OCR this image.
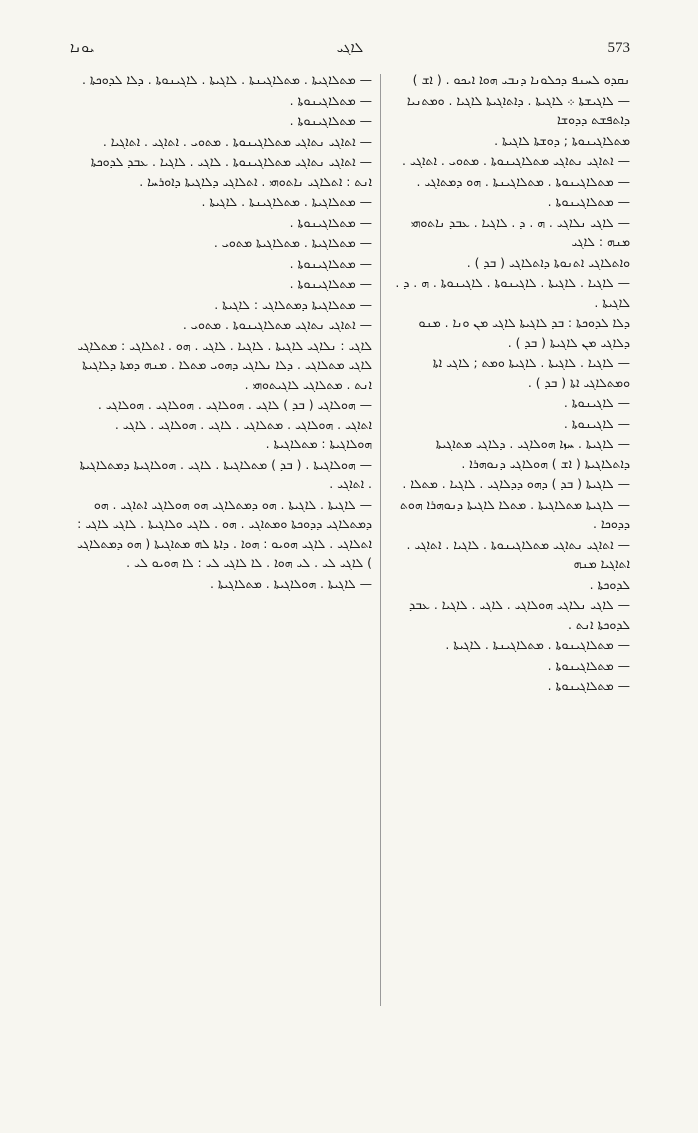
ܝܘܢܐ	ܠܐܓܝ	573
ܢܩܕܘ ܠܚܢܦ ܕܟܠܘܢܐ ܕܢܒܝ ܗܘܐ ܐܝܟܘ . ( ܐܫ )
— ܠܐܓܝܫܬܐ ܀ ܠܐܓܝܬܐ . ܕܐܬܐܓܝܬܐ ܠܐܓܝܐ . ܘܡܬܢܝܐ ܕܐܬܦܫܬ ܕܕܘܫܐ
ܡܬܠܐܓܝܢܘܬܐ ; ܕܘܫܬܐ ܠܐܓܝܬܐ .
— ܐܬܐܓܝ ܢܬܐܓܝ ܡܬܠܐܓܝܢܘܬܐ . ܡܬܘܝ . ܐܬܐܓܝ .
— ܡܬܠܐܓܝܢܘܬܐ . ܡܬܠܐܓܝܢܬܐ . ܗܘ ܕܡܬܐܓܝ .
— ܡܬܠܐܓܝܢܘܬܐ .
— ܠܐܓܝ ܢܠܐܓܝ . ܗ . ܕ . ܠܐܓܝܐ . ܥܒܕ ܢܐܬܘܗܝ ܡܢܗ : ܠܐܓܝ
ܘܐܬܠܐܓܝ ܐܬܢܘܬܐ ܕܐܬܠܐܓܝ ( ܒܕ ) .
— ܠܐܓܝܐ . ܠܐܓܝܬܐ . ܠܐܓܝܢܘܬܐ . ܠܐܓܝܢܘܬܐ . ܗ . ܕ . ܠܐܓܝܬܐ .
ܕܠܐ ܠܕܘܟܬܐ : ܒܕ ܠܐܓܝܬܐ ܠܐܓܝ ܡܢ ܘܢܐ . ܡܢܘ ܕܠܐܓܝ ܡܢ ܠܐܓܝܬܐ ( ܒܕ ) .
— ܠܐܓܝܐ . ܠܐܓܝܬܐ . ܠܐܓܝܬܐ ܘܡܬ ; ܠܐܓܝ ܐܬܐ ܘܡܬܠܐܓܝ ܐܬܐ ( ܒܕ ) .
— ܠܐܓܝܢܘܬܐ .
— ܠܐܓܝܢܘܬܐ .
— ܠܐܓܝܬܐ . ܚܙܐ ܗܘܠܐܓܝ . ܕܠܐܓܝ ܡܬܐܓܝܬܐ ܕܐܬܠܐܓܝܬܐ ( ܐܫ ) ܗܘܠܐܓܝ ܕܢܘܗܪܐ .
— ܠܐܓܝܬܐ ( ܒܕ ) ܕܗܘ ܕܕܠܐܓܝ . ܠܐܓܝܐ . ܡܬܠܐ .
— ܠܐܓܝܬܐ ܡܬܠܐܓܝܬܐ . ܡܬܠܐ ܠܐܓܝܬܐ ܕܢܘܗܪܐ ܗܘܬ ܕܕܘܟܐ .
— ܐܬܐܓܝ ܢܬܐܓܝ ܡܬܠܐܓܝܢܘܬܐ . ܠܐܓܝܐ . ܐܬܐܓܝ . ܐܬܐܓܝܐ ܡܢܗ
ܠܕܘܟܬܐ .
— ܠܐܓܝ ܢܠܐܓܝ ܗܘܠܐܓܝ . ܠܐܓܝ . ܠܐܓܝܐ . ܥܒܕ ܠܕܘܟܬܐ ܐܢܬ .
— ܡܬܠܐܓܝܢܘܬܐ . ܡܬܠܐܓܝܢܬܐ . ܠܐܓܝܬܐ .
— ܡܬܠܐܓܝܢܘܬܐ .
— ܡܬܠܐܓܝܢܘܬܐ .
— ܡܬܠܐܓܝܬܐ . ܡܬܠܐܓܝܢܬܐ . ܠܐܓܝܬܐ . ܠܐܓܝܢܘܬܐ . ܕܠܐ ܠܕܘܟܬܐ .
— ܡܬܠܐܓܝܢܘܬܐ .
— ܡܬܠܐܓܝܢܘܬܐ .
— ܐܬܐܓܝ ܢܬܐܓܝ ܡܬܠܐܓܝܢܘܬܐ . ܡܬܘܝ . ܐܬܐܓܝ . ܐܬܐܓܝܐ .
— ܐܬܐܓܝ ܢܬܐܓܝ ܡܬܠܐܓܝܢܘܬܐ . ܠܐܓܝ . ܠܐܓܝܐ . ܥܒܕ ܠܕܘܟܬܐ ܐܢܬ : ܐܬܠܐܓܝ ܢܐܬܘܗܝ . ܐܬܠܐܓܝ ܕܠܐܓܝܬܐ ܕܐܘܪܚܐ .
— ܡܬܠܐܓܝܬܐ . ܡܬܠܐܓܝܢܬܐ . ܠܐܓܝܬܐ .
— ܡܬܠܐܓܝܢܘܬܐ .
— ܡܬܠܐܓܝܬܐ . ܡܬܠܐܓܝܬܐ ܡܬܘܝ .
— ܡܬܠܐܓܝܢܘܬܐ .
— ܡܬܠܐܓܝܢܘܬܐ .
— ܡܬܠܐܓܝܬܐ ܕܡܬܠܐܓܝ : ܠܐܓܝܬܐ .
— ܐܬܐܓܝ ܢܬܐܓܝ ܡܬܠܐܓܝܢܘܬܐ . ܡܬܘܝ .
ܠܐܓܝ : ܢܠܐܓܝ ܠܐܓܝܬܐ . ܠܐܓܝܐ . ܠܐܓܝ . ܗܘ . ܐܬܠܐܓܝ : ܡܬܠܐܓܝ ܠܐܓܝ ܡܬܠܐܓܝ . ܕܠܐ ܢܠܐܓܝ ܕܗܘܝ ܡܬܠܐ . ܡܢܗ ܕܡܬܐ ܕܠܐܓܝܬܐ ܐܢܬ . ܡܬܠܐܓܝ ܠܐܓܝܬܘܗܝ .
— ܗܘܠܐܓܝ ( ܒܕ ) ܠܐܓܝ . ܗܘܠܐܓܝ . ܗܘܠܐܓܝ . ܗܘܠܐܓܝ . ܐܬܐܓܝ . ܗܘܠܐܓܝ . ܡܬܠܐܓܝ . ܠܐܓܝ . ܗܘܠܐܓܝ . ܠܐܓܝ . ܗܘܠܐܓܝܬܐ : ܡܬܠܐܓܝܬܐ .
— ܗܘܠܐܓܝܬܐ . ( ܒܕ ) ܡܬܠܐܓܝܬܐ . ܠܐܓܝ . ܗܘܠܐܓܝܬܐ ܕܡܬܠܐܓܝܬܐ . ܐܬܐܓܝ .
— ܠܐܓܝܬܐ . ܠܐܓܝܬܐ . ܗܘ ܕܡܬܠܐܓܝ ܗܘ ܗܘܠܐܓܝ ܐܬܐܓܝ . ܗܘ ܕܡܬܠܐܓܝ ܕܕܘܟܬܐ ܘܡܬܐܓܝ . ܗܘ . ܠܐܓܝ ܘܠܐܓܝܬܐ . ܠܐܓܝ ܠܐܓܝ : ܐܬܠܐܓܝ . ܠܐܓܝ ܗܘܝܘ : ܗܘܐ . ܕܐܬܐ ܠܗ ܡܬܐܓܝܬܐ ( ܗܘ ܕܡܬܠܐܓܝ ) ܠܐܓܝ ܠܝ . ܠܝ ܗܘܐ . ܠܐ ܠܐܓܝ ܠܝ : ܠܐ ܗܘܝܘ ܠܝ .
— ܠܐܓܝܬܐ . ܗܘܠܐܓܝܬܐ . ܡܬܠܐܓܝܬܐ .
